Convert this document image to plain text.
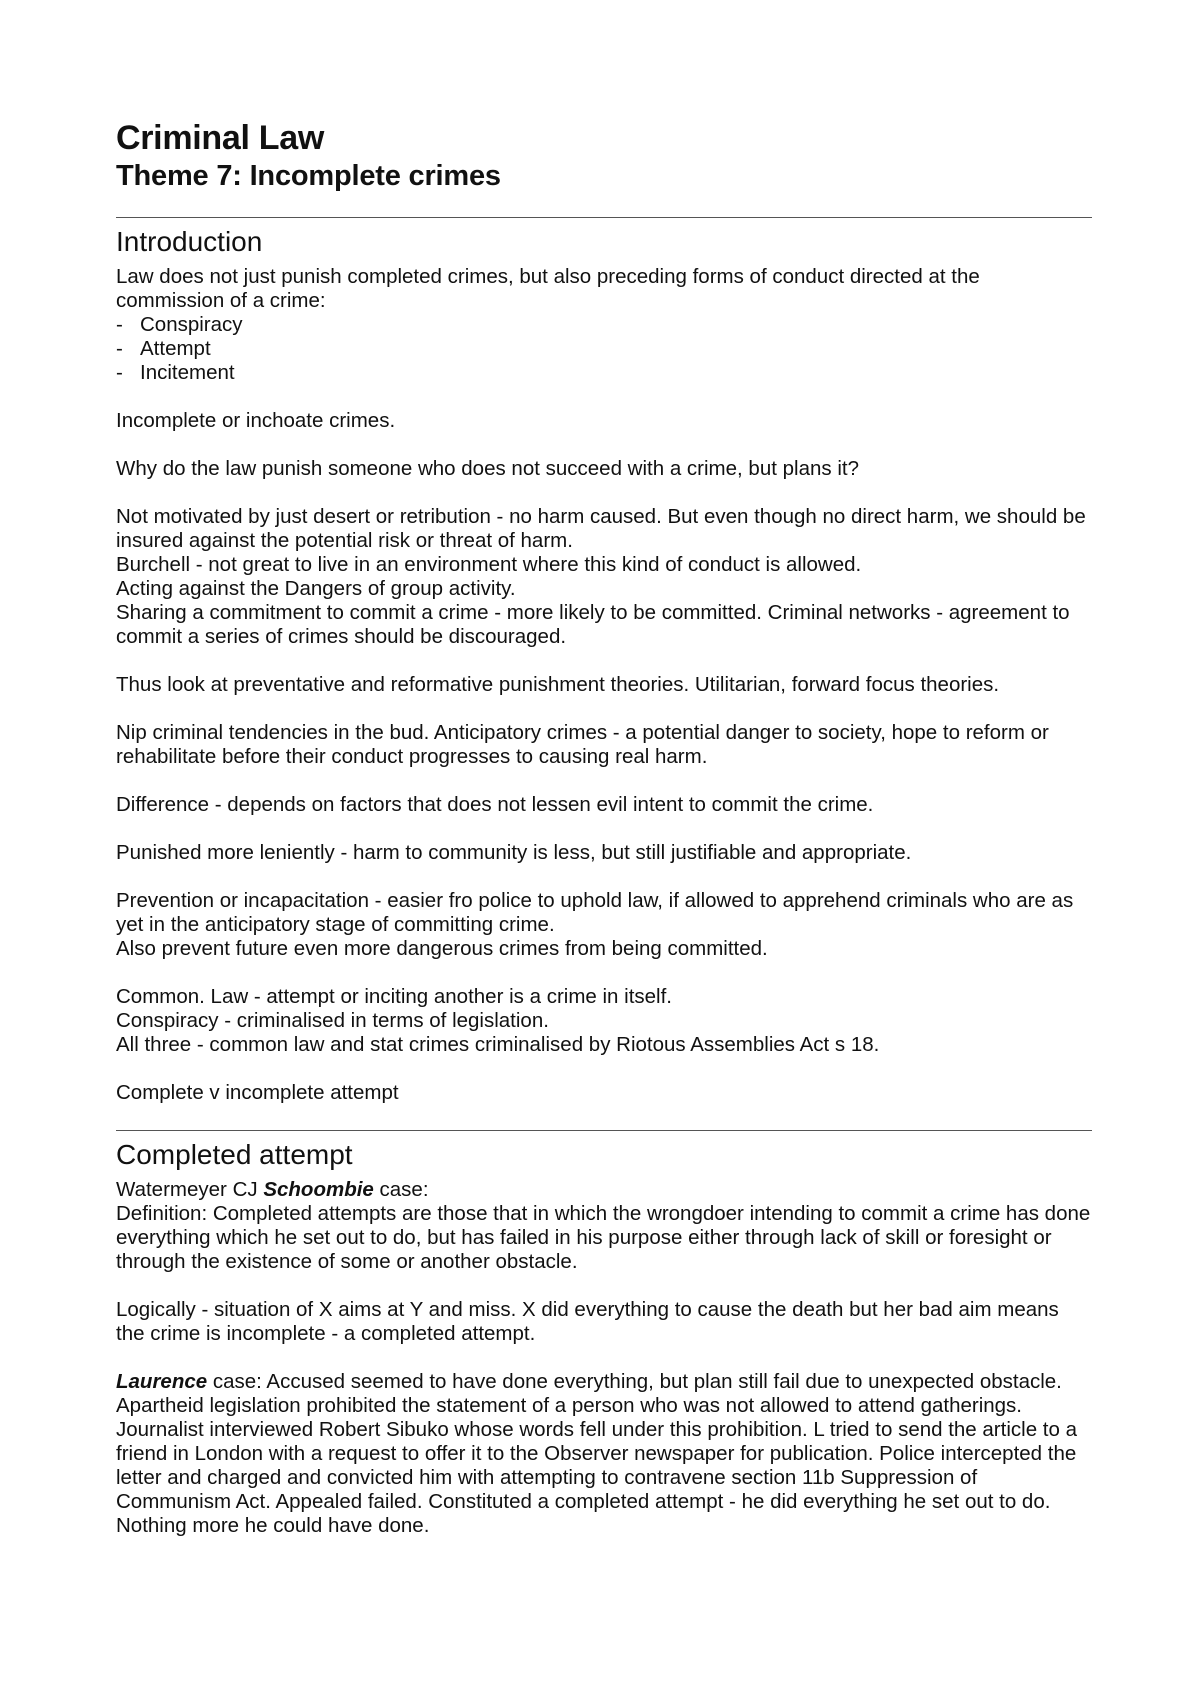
Criminal Law
Theme 7: Incomplete crimes
Introduction

Law does not just punish completed crimes, but also preceding forms of conduct directed at the commission of a crime:

- Conspiracy
- Attempt
- Incitement

Incomplete or inchoate crimes.

Why do the law punish someone who does not succeed with a crime, but plans it?

Not motivated by just desert or retribution - no harm caused. But even though no direct harm, we should be insured against the potential risk or threat of harm.

Burchell - not great to live in an environment where this kind of conduct is allowed.

Acting against the Dangers of group activity.

Sharing a commitment to commit a crime - more likely to be committed. Criminal networks - agreement to commit a series of crimes should be discouraged.

Thus look at preventative and reformative punishment theories. Utilitarian, forward focus theories.

Nip criminal tendencies in the bud. Anticipatory crimes - a potential danger to society, hope to reform or rehabilitate before their conduct progresses to causing real harm.

Difference - depends on factors that does not lessen evil intent to commit the crime.

Punished more leniently - harm to community is less, but still justifiable and appropriate.

Prevention or incapacitation - easier fro police to uphold law, if allowed to apprehend criminals who are as yet in the anticipatory stage of committing crime.

Also prevent future even more dangerous crimes from being committed.

Common. Law - attempt or inciting another is a crime in itself.

Conspiracy - criminalised in terms of legislation.

All three - common law and stat crimes criminalised by Riotous Assemblies Act s 18.

Complete v incomplete attempt

Completed attempt

Watermeyer CJ Schoombie case:

Definition: Completed attempts are those that in which the wrongdoer intending to commit a crime has done everything which he set out to do, but has failed in his purpose either through lack of skill or foresight or through the existence of some or another obstacle.

Logically - situation of X aims at Y and miss. X did everything to cause the death but her bad aim means the crime is incomplete - a completed attempt.

Laurence case: Accused seemed to have done everything, but plan still fail due to unexpected obstacle. Apartheid legislation prohibited the statement of a person who was not allowed to attend gatherings. Journalist interviewed Robert Sibuko whose words fell under this prohibition. L tried to send the article to a friend in London with a request to offer it to the Observer newspaper for publication. Police intercepted the letter and charged and convicted him with attempting to contravene section 11b Suppression of Communism Act. Appealed failed. Constituted a completed attempt - he did everything he set out to do. Nothing more he could have done.
